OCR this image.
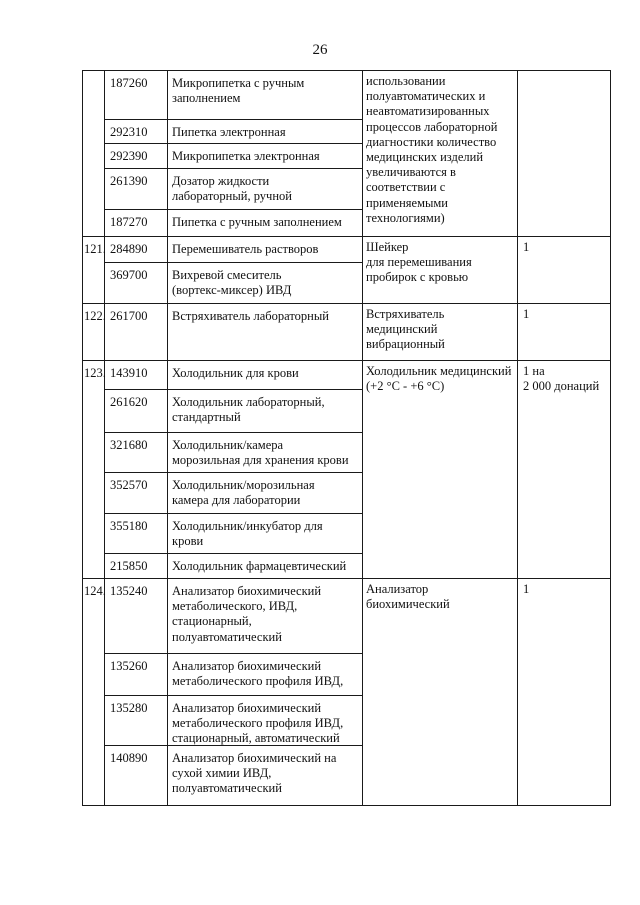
26
187260 Микропипетка с ручным
заполнением
292310 Пипетка электронная
292390 Микропипетка электронная
261390 Дозатор жидкости
лабораторный, ручной
187270 Пипетка с ручным заполнением
использовании
полуавтоматических и
неавтоматизированных
процессов лабораторной
диагностики количество
медицинских изделий
увеличиваются в
соответствии с
применяемыми
технологиями)
121. 284890 Перемешиватель растворов
369700 Вихревой смеситель
(вортекс-миксер) ИВД
Шейкер
для перемешивания
пробирок с кровью
1
122. 261700 Встряхиватель лабораторный	Встряхиватель
медицинский
вибрационный
1
123. 143910 Холодильник для крови
261620 Холодильник лабораторный,
стандартный
321680 Холодильник/камера
морозильная для хранения крови
352570 Холодильник/морозильная
камера для лаборатории
355180 Холодильник/инкубатор для
крови
215850 Холодильник фармацевтический
Холодильник медицинский
(+2 °С - +6 °С)
1 на
2 000 донаций
124. 135240 Анализатор биохимический
метаболического, ИВД,
стационарный,
полуавтоматический
135260 Анализатор биохимический
метаболического профиля ИВД,
135280 Анализатор биохимический
метаболического профиля ИВД,
стационарный, автоматический
140890 Анализатор биохимический на
сухой химии ИВД,
полуавтоматический
Анализатор
биохимический
1
